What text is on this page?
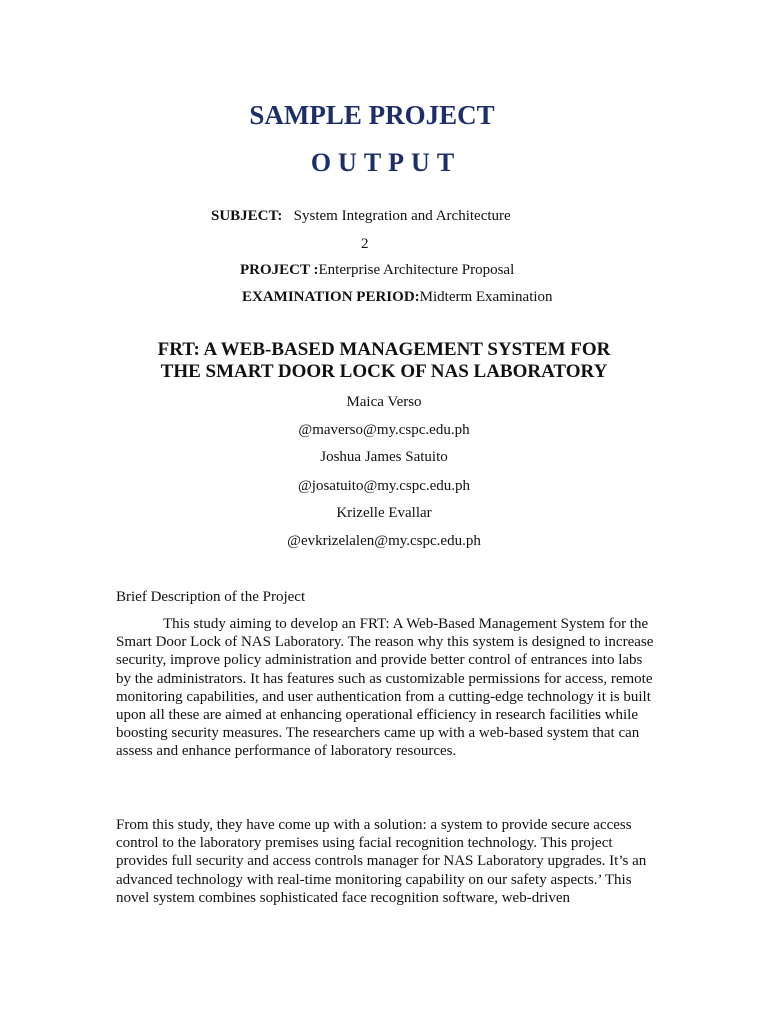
SAMPLE PROJECT
OUTPUT
SUBJECT: System Integration and Architecture
2
PROJECT :Enterprise Architecture Proposal
EXAMINATION PERIOD:Midterm Examination
FRT: A WEB-BASED MANAGEMENT SYSTEM FOR
THE SMART DOOR LOCK OF NAS LABORATORY
Maica Verso
@maverso@my.cspc.edu.ph
Joshua James Satuito
@josatuito@my.cspc.edu.ph
Krizelle Evallar
@evkrizelalen@my.cspc.edu.ph
Brief Description of the Project
This study aiming to develop an FRT: A Web-Based Management System for the Smart Door Lock of NAS Laboratory. The reason why this system is designed to increase security, improve policy administration and provide better control of entrances into labs by the administrators. It has features such as customizable permissions for access, remote monitoring capabilities, and user authentication from a cutting-edge technology it is built upon all these are aimed at enhancing operational efficiency in research facilities while boosting security measures. The researchers came up with a web-based system that can assess and enhance performance of laboratory resources.
From this study, they have come up with a solution: a system to provide secure access control to the laboratory premises using facial recognition technology. This project provides full security and access controls manager for NAS Laboratory upgrades. It’s an advanced technology with real-time monitoring capability on our safety aspects.’ This novel system combines sophisticated face recognition software, web-driven
